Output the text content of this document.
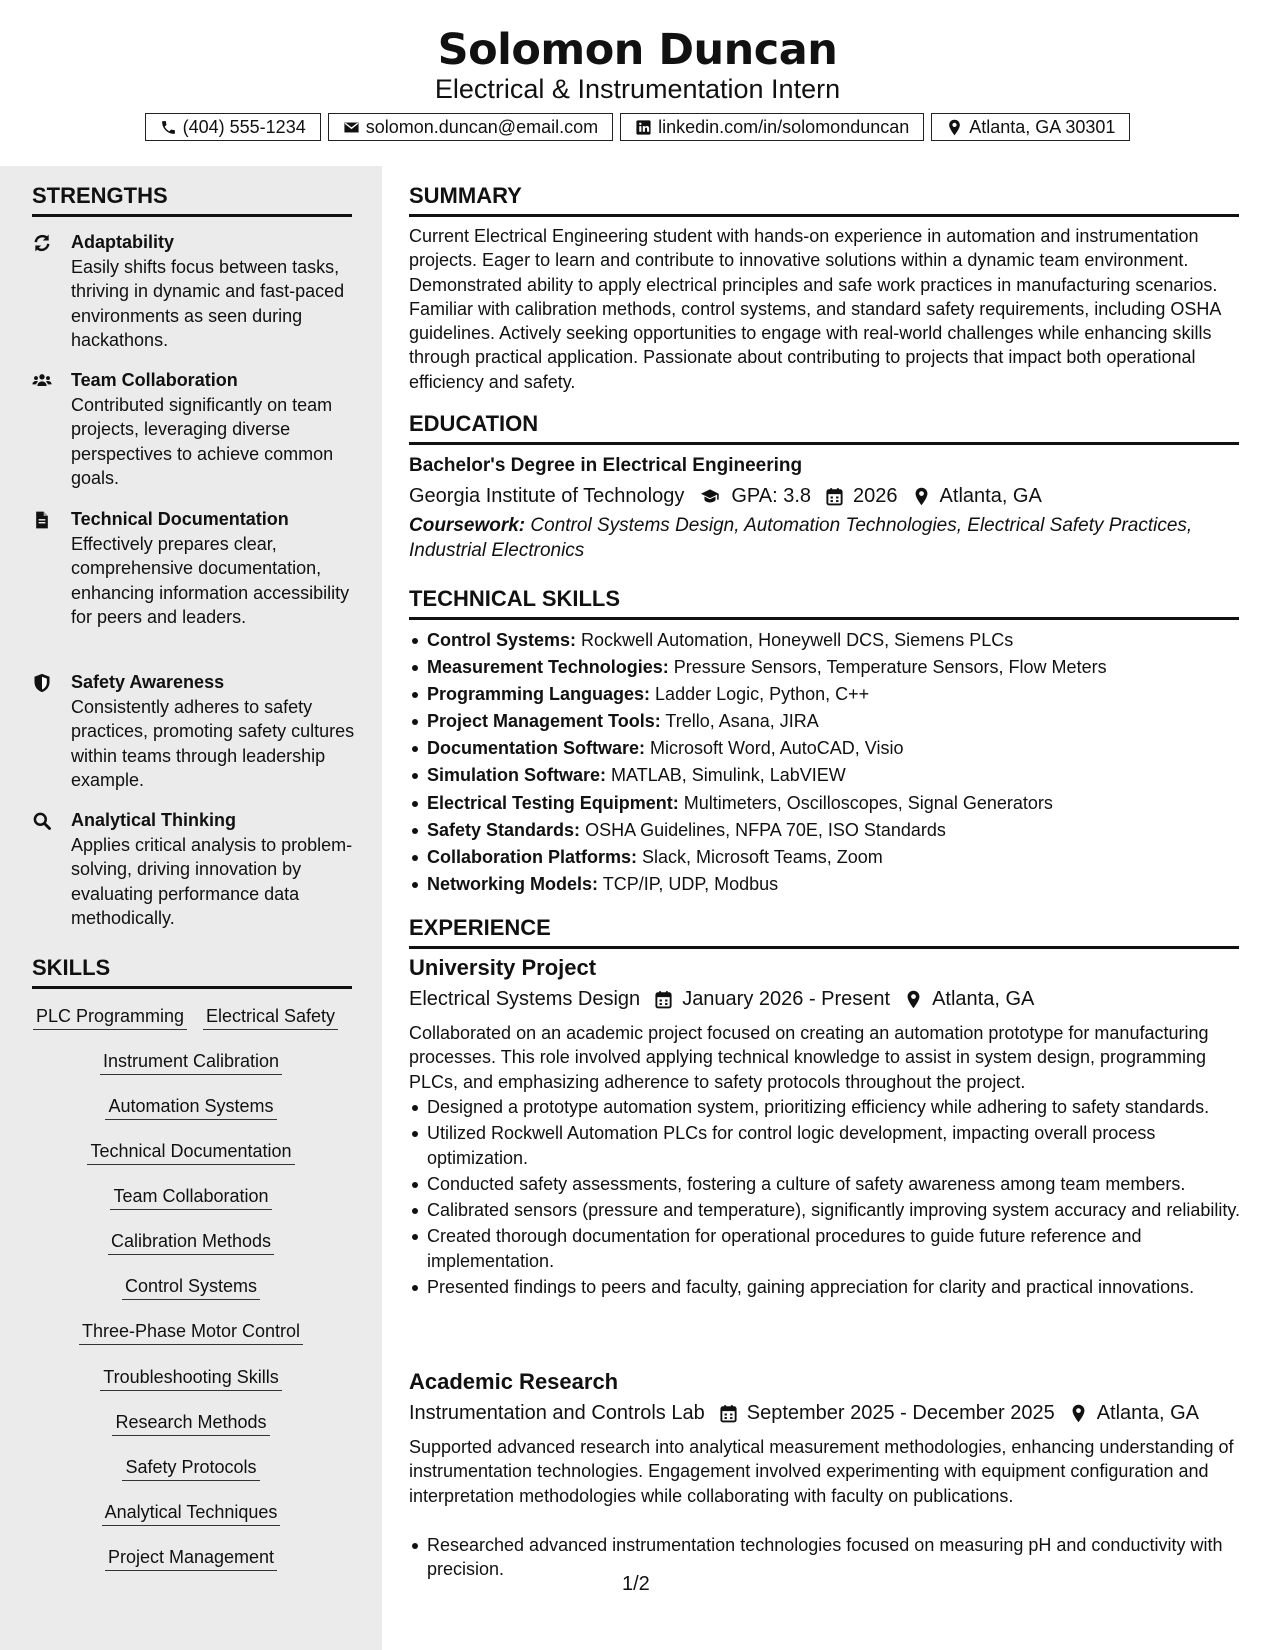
Solomon Duncan
Electrical & Instrumentation Intern
(404) 555-1234	solomon.duncan@email.com	linkedin.com/in/solomonduncan	Atlanta, GA 30301
STRENGTHS
Adaptability
Easily shifts focus between tasks, thriving in dynamic and fast-paced environments as seen during hackathons.
Team Collaboration
Contributed significantly on team projects, leveraging diverse perspectives to achieve common goals.
Technical Documentation
Effectively prepares clear, comprehensive documentation, enhancing information accessibility for peers and leaders.
Safety Awareness
Consistently adheres to safety practices, promoting safety cultures within teams through leadership example.
Analytical Thinking
Applies critical analysis to problem-solving, driving innovation by evaluating performance data methodically.
SKILLS
PLC Programming Electrical Safety
Instrument Calibration
Automation Systems
Technical Documentation
Team Collaboration
Calibration Methods
Control Systems
Three-Phase Motor Control
Troubleshooting Skills
Research Methods
Safety Protocols
Analytical Techniques
Project Management
SUMMARY
Current Electrical Engineering student with hands-on experience in automation and instrumentation projects. Eager to learn and contribute to innovative solutions within a dynamic team environment. Demonstrated ability to apply electrical principles and safe work practices in manufacturing scenarios. Familiar with calibration methods, control systems, and standard safety requirements, including OSHA guidelines. Actively seeking opportunities to engage with real-world challenges while enhancing skills through practical application. Passionate about contributing to projects that impact both operational efficiency and safety.
EDUCATION
Bachelor's Degree in Electrical Engineering
Georgia Institute of Technology GPA: 3.8 2026 Atlanta, GA
Coursework: Control Systems Design, Automation Technologies, Electrical Safety Practices, Industrial Electronics
TECHNICAL SKILLS
Control Systems: Rockwell Automation, Honeywell DCS, Siemens PLCs
Measurement Technologies: Pressure Sensors, Temperature Sensors, Flow Meters
Programming Languages: Ladder Logic, Python, C++
Project Management Tools: Trello, Asana, JIRA
Documentation Software: Microsoft Word, AutoCAD, Visio
Simulation Software: MATLAB, Simulink, LabVIEW
Electrical Testing Equipment: Multimeters, Oscilloscopes, Signal Generators
Safety Standards: OSHA Guidelines, NFPA 70E, ISO Standards
Collaboration Platforms: Slack, Microsoft Teams, Zoom
Networking Models: TCP/IP, UDP, Modbus
EXPERIENCE
University Project
Electrical Systems Design January 2026 - Present Atlanta, GA
Collaborated on an academic project focused on creating an automation prototype for manufacturing processes. This role involved applying technical knowledge to assist in system design, programming PLCs, and emphasizing adherence to safety protocols throughout the project.
Designed a prototype automation system, prioritizing efficiency while adhering to safety standards.
Utilized Rockwell Automation PLCs for control logic development, impacting overall process optimization.
Conducted safety assessments, fostering a culture of safety awareness among team members.
Calibrated sensors (pressure and temperature), significantly improving system accuracy and reliability.
Created thorough documentation for operational procedures to guide future reference and implementation.
Presented findings to peers and faculty, gaining appreciation for clarity and practical innovations.
Academic Research
Instrumentation and Controls Lab September 2025 - December 2025 Atlanta, GA
Supported advanced research into analytical measurement methodologies, enhancing understanding of instrumentation technologies. Engagement involved experimenting with equipment configuration and interpretation methodologies while collaborating with faculty on publications.
Researched advanced instrumentation technologies focused on measuring pH and conductivity with precision.
1/2
